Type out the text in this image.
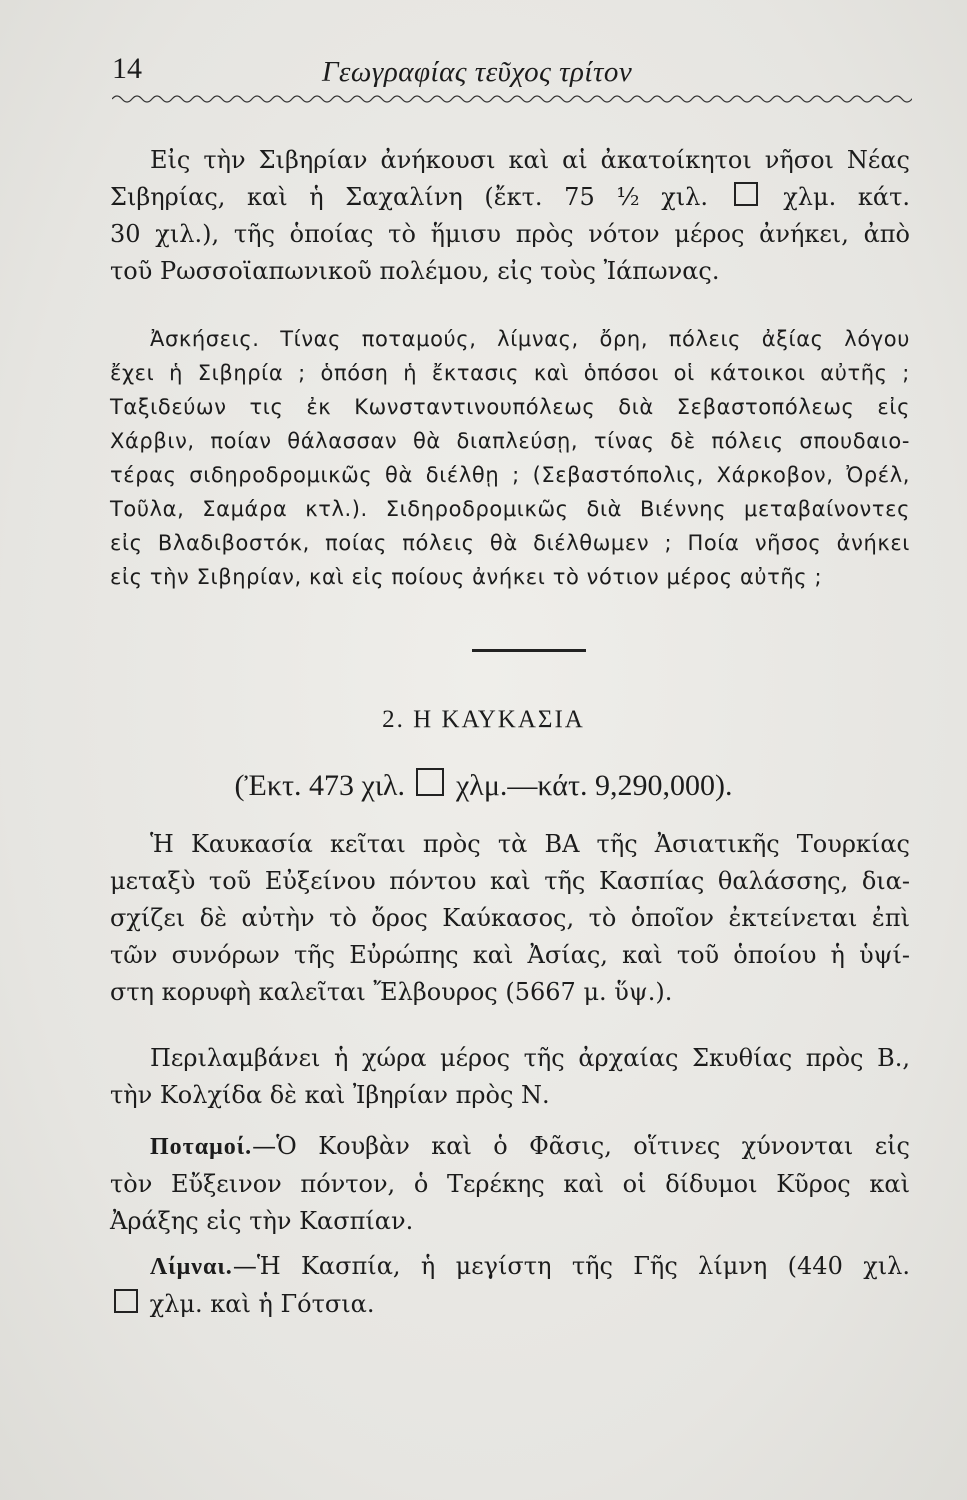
14	Γεωγραφίας τεῦχος τρίτον
Εἰς τὴν Σιβηρίαν ἀνήκουσι καὶ αἱ ἀκατοίκητοι νῆσοι Νέας
Σιβηρίας, καὶ ἡ Σαχαλίνη (ἔκτ. 75 ½ χιλ.	χλμ. κάτ.
30 χιλ.), τῆς ὁποίας τὸ ἥμισυ πρὸς νότον μέρος ἀνήκει, ἀπὸ
τοῦ Ρωσσοϊαπωνικοῦ πολέμου, εἰς τοὺς Ἰάπωνας.
Ἀσκήσεις. Τίνας ποταμούς, λίμνας, ὄρη, πόλεις ἀξίας λόγου
ἔχει ἡ Σιβηρία ; ὁπόση ἡ ἔκτασις καὶ ὁπόσοι οἱ κάτοικοι αὐτῆς ;
Ταξιδεύων τις ἐκ Κωνσταντινουπόλεως διὰ Σεβαστοπόλεως εἰς
Χάρβιν, ποίαν θάλασσαν θὰ διαπλεύσῃ, τίνας δὲ πόλεις σπουδαιο-
τέρας σιδηροδρομικῶς θὰ διέλθῃ ; (Σεβαστόπολις, Χάρκοβον, Ὀρέλ,
Τοῦλα, Σαμάρα κτλ.). Σιδηροδρομικῶς διὰ Βιέννης μεταβαίνοντες
εἰς Βλαδιβοστόκ, ποίας πόλεις θὰ διέλθωμεν ; Ποία νῆσος ἀνήκει
εἰς τὴν Σιβηρίαν, καὶ εἰς ποίους ἀνήκει τὸ νότιον μέρος αὐτῆς ;
2. Η ΚΑΥΚΑΣΙΑ
(Ἐκτ. 473 χιλ. χλμ.—κάτ. 9,290,000).
Ἡ Καυκασία κεῖται πρὸς τὰ ΒΑ τῆς Ἀσιατικῆς Τουρκίας
μεταξὺ τοῦ Εὐξείνου πόντου καὶ τῆς Κασπίας θαλάσσης, δια-
σχίζει δὲ αὐτὴν τὸ ὄρος Καύκασος, τὸ ὁποῖον ἐκτείνεται ἐπὶ
τῶν συνόρων τῆς Εὐρώπης καὶ Ἀσίας, καὶ τοῦ ὁποίου ἡ ὑψί-
στη κορυφὴ καλεῖται Ἔλβουρος (5667 μ. ὕψ.).
Περιλαμβάνει ἡ χώρα μέρος τῆς ἀρχαίας Σκυθίας πρὸς Β.,
τὴν Κολχίδα δὲ καὶ Ἰβηρίαν πρὸς Ν.
Ποταμοί.—Ὁ Κουβὰν καὶ ὁ Φᾶσις, οἵτινες χύνονται εἰς
τὸν Εὔξεινον πόντον, ὁ Τερέκης καὶ οἱ δίδυμοι Κῦρος καὶ
Ἀράξης εἰς τὴν Κασπίαν.
Λίμναι.—Ἡ Κασπία, ἡ μεγίστη τῆς Γῆς λίμνη (440 χιλ.
χλμ. καὶ ἡ Γότσια.
